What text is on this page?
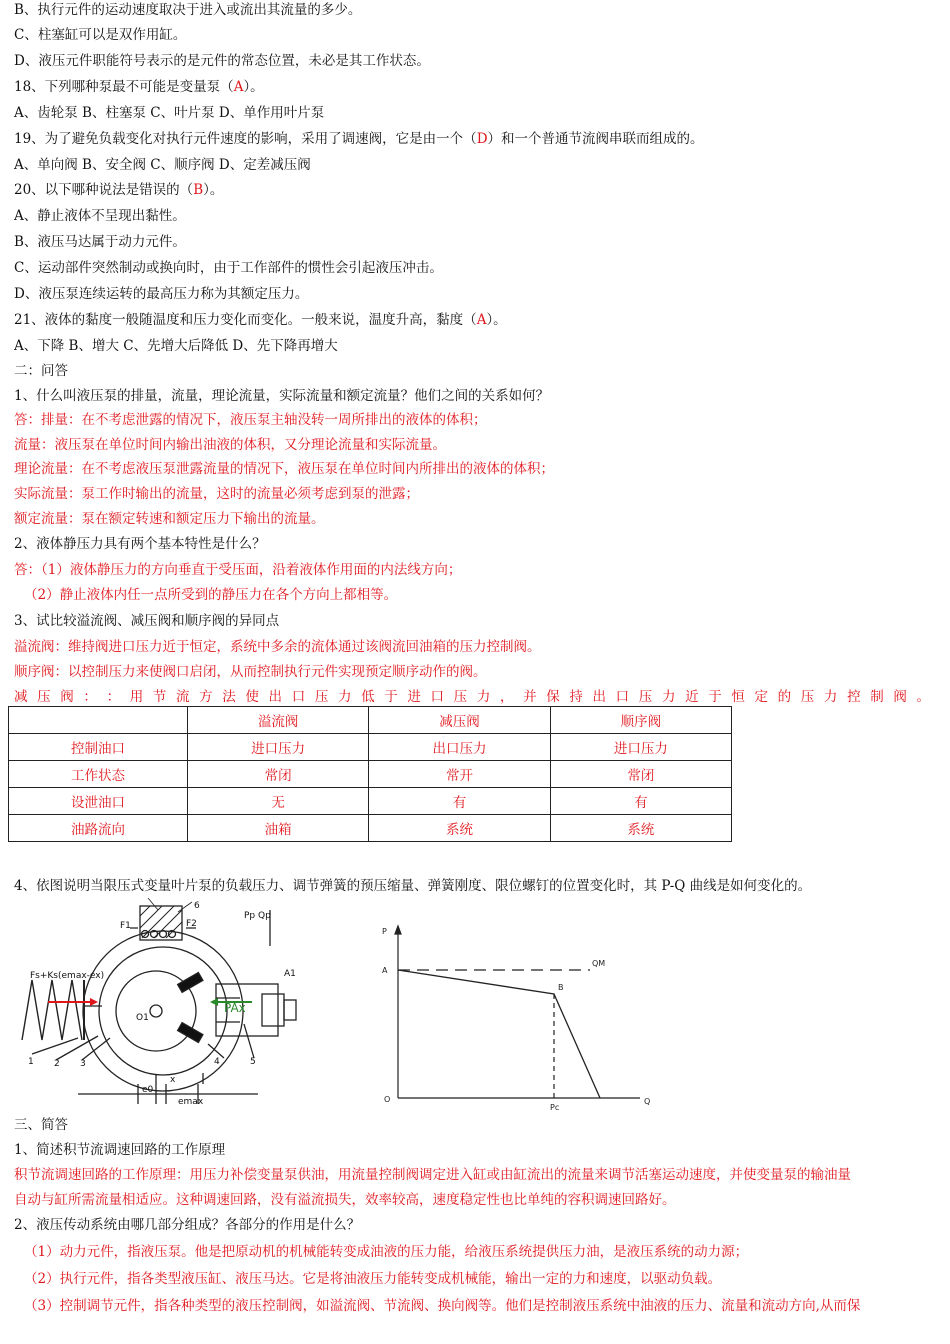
B、执行元件的运动速度取决于进入或流出其流量的多少。
C、柱塞缸可以是双作用缸。
D、液压元件职能符号表示的是元件的常态位置，未必是其工作状态。
18、下列哪种泵最不可能是变量泵（A）。
A、齿轮泵 B、柱塞泵 C、叶片泵 D、单作用叶片泵
19、为了避免负载变化对执行元件速度的影响，采用了调速阀，它是由一个（D）和一个普通节流阀串联而组成的。
A、单向阀 B、安全阀 C、顺序阀 D、定差减压阀
20、以下哪种说法是错误的（B）。
A、静止液体不呈现出黏性。
B、液压马达属于动力元件。
C、运动部件突然制动或换向时，由于工作部件的惯性会引起液压冲击。
D、液压泵连续运转的最高压力称为其额定压力。
21、液体的黏度一般随温度和压力变化而变化。一般来说，温度升高，黏度（A）。
A、下降 B、增大 C、先增大后降低 D、先下降再增大
二：问答
1、什么叫液压泵的排量，流量，理论流量，实际流量和额定流量？他们之间的关系如何？
答：排量：在不考虑泄露的情况下，液压泵主轴没转一周所排出的液体的体积；
流量：液压泵在单位时间内输出油液的体积，又分理论流量和实际流量。
理论流量：在不考虑液压泵泄露流量的情况下，液压泵在单位时间内所排出的液体的体积；
实际流量：泵工作时输出的流量，这时的流量必须考虑到泵的泄露；
额定流量：泵在额定转速和额定压力下输出的流量。
2、液体静压力具有两个基本特性是什么？
答：（1）液体静压力的方向垂直于受压面，沿着液体作用面的内法线方向；
（2）静止液体内任一点所受到的静压力在各个方向上都相等。
3、试比较溢流阀、减压阀和顺序阀的异同点
溢流阀：维持阀进口压力近于恒定，系统中多余的流体通过该阀流回油箱的压力控制阀。
顺序阀：以控制压力来使阀口启闭，从而控制执行元件实现预定顺序动作的阀。
减 压 阀 ： ： 用 节 流 方 法 使 出 口 压 力 低 于 进 口 压 力 ， 并 保 持 出 口 压 力 近 于 恒 定 的 压 力 控 制 阀 。
	溢流阀	减压阀	顺序阀
控制油口	进口压力	出口压力	进口压力
工作状态	常闭	常开	常闭
设泄油口	无	有	有
油路流向	油箱	系统	系统
4、依图说明当限压式变量叶片泵的负载压力、调节弹簧的预压缩量、弹簧刚度、限位螺钉的位置变化时，其 P-Q 曲线是如何变化的。
Fs+Ks(emax-ex)
F1	F2
Pp Qp
A1
PAx
O1
e0
x
emax
1 2 3	4	5
6
P
Q
O
A
B
Pc
QM
三、简答
1、简述积节流调速回路的工作原理
积节流调速回路的工作原理：用压力补偿变量泵供油，用流量控制阀调定进入缸或由缸流出的流量来调节活塞运动速度，并使变量泵的输油量
自动与缸所需流量相适应。这种调速回路，没有溢流损失，效率较高，速度稳定性也比单纯的容积调速回路好。
2、液压传动系统由哪几部分组成？各部分的作用是什么？
（1）动力元件，指液压泵。他是把原动机的机械能转变成油液的压力能，给液压系统提供压力油，是液压系统的动力源；
（2）执行元件，指各类型液压缸、液压马达。它是将油液压力能转变成机械能，输出一定的力和速度，以驱动负载。
（3）控制调节元件，指各种类型的液压控制阀，如溢流阀、节流阀、换向阀等。他们是控制液压系统中油液的压力、流量和流动方向,从而保
